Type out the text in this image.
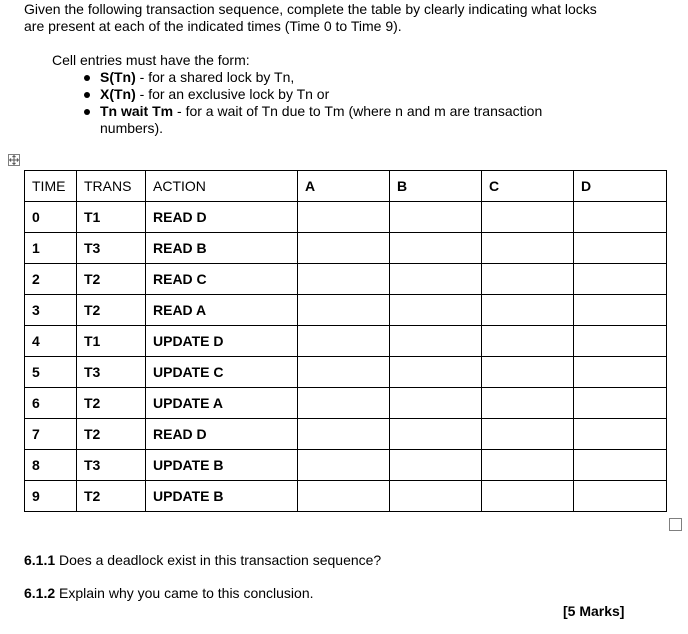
Given the following transaction sequence, complete the table by clearly indicating what locks
are present at each of the indicated times (Time 0 to Time 9).
Cell entries must have the form:
S(Tn) - for a shared lock by Tn,
X(Tn) - for an exclusive lock by Tn or
Tn wait Tm - for a wait of Tn due to Tm (where n and m are transaction
numbers).
TIME	TRANS	ACTION	A	B	C	D
0	T1	READ D				
1	T3	READ B				
2	T2	READ C				
3	T2	READ A				
4	T1	UPDATE D				
5	T3	UPDATE C				
6	T2	UPDATE A				
7	T2	READ D				
8	T3	UPDATE B				
9	T2	UPDATE B				
6.1.1 Does a deadlock exist in this transaction sequence?
6.1.2 Explain why you came to this conclusion.
[5 Marks]
